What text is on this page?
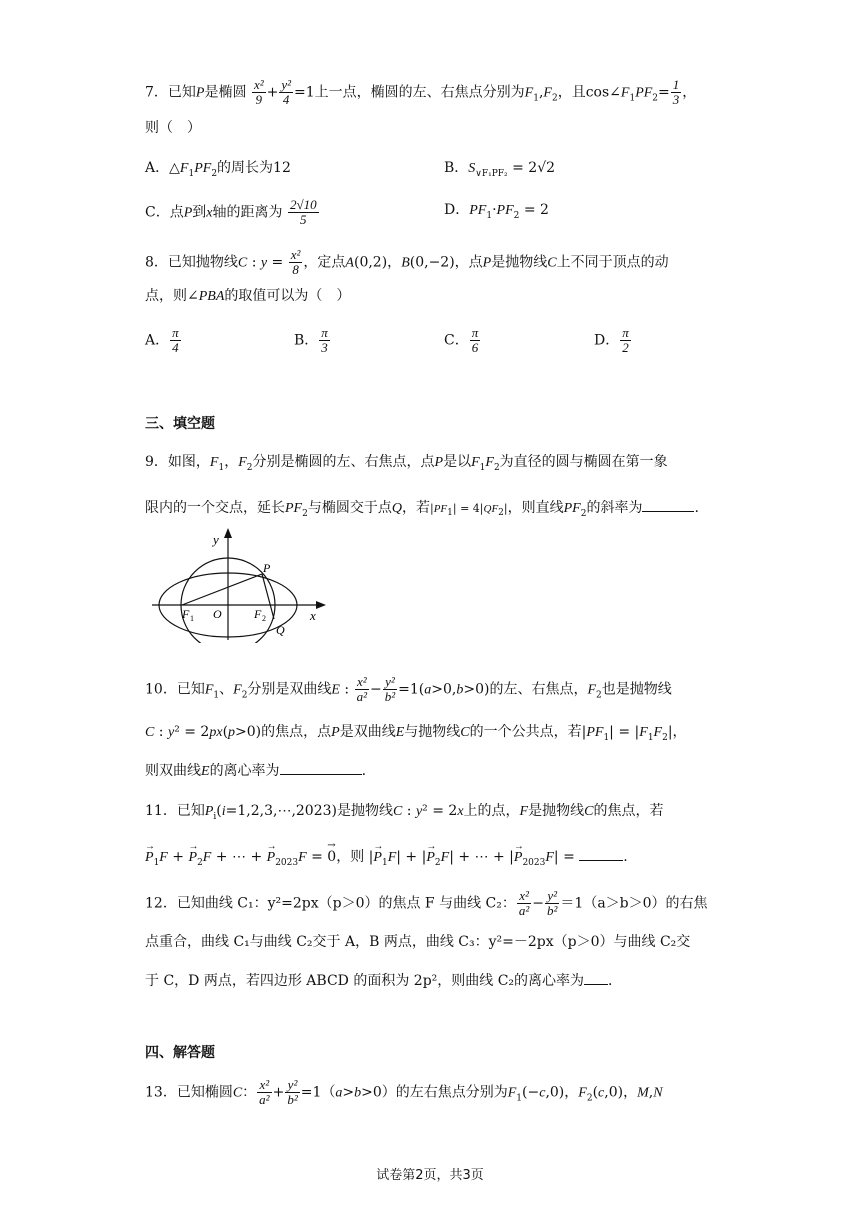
7．已知P是椭圆 $\frac{\text{x²}}{9} + \frac{\text{y²}}{4} =1$上一点，椭圆的左、右焦点分别为$F_1,F_2$，且$\cos\angle F_1PF_2= \frac{1}{3}$ ，
则（　）
A．$\triangle F_1PF_2$的周长为12	B．$S_{\vee F_1PF_2} = 2√2$
C．点P到x轴的距离为 $\frac{2√10}{5}$	D．$PF_1\cdot PF_2 = 2$
8．已知抛物线C : $y = \frac{\text{x²}}{8}$ ，定点A(0,2)，B(0,−2)，点P是抛物线C上不同于顶点的动
点，则∠PBA的取值可以为（　）
A． $\frac{\pi}{4}$	B． $\frac{\pi}{3}$	C． $\frac{\pi}{6}$	D． $\frac{\pi}{2}$
三、填空题
9．如图，$F_1$，$F_2$分别是椭圆的左、右焦点，点P是以$F_1F_2$为直径的圆与椭圆在第一象
限内的一个交点，延长$PF_2$与椭圆交于点Q，若$|PF_1| = 4|QF_2|$，则直线$PF_2$的斜率为	.
y
x
P
F 1 O	F 2
Q
10．已知$F_1$、$F_2$分别是双曲线E : $\frac{\text{x²}}{\text{a²}} - \frac{\text{y²}}{\text{b²}} =1(a>0,b>0)$的左、右焦点，$F_2$也是抛物线
C : y² = 2px(p>0)的焦点，点P是双曲线E与抛物线C的一个公共点，若$|PF_1| = |F_1F_2|$，
则双曲线E的离心率为	.
11．已知$P_i(i=1,2,3,\cdots,2023)$是抛物线C : y² = 2x上的点，F是抛物线C的焦点，若
→ $P_1F$ + → $P_2F$ + ⋯ + → $P_{2023}F$ = → 0，则 |→ $P_1F|$ + |→ $P_2F|$ + ⋯ + |→ $P_{2023}F|$ =	.
12．已知曲线 C₁：y²=2px（p＞0）的焦点 F 与曲线 C₂： $\frac{\text{x²}}{\text{a²}} - \frac{\text{y²}}{\text{b²}} =1(a>b>0)$的右焦
点重合，曲线 C₁与曲线 C₂交于 A，B 两点，曲线 C₃：y²=－2px（p＞0）与曲线 C₂交
于 C，D 两点，若四边形 ABCD 的面积为 2p²，则曲线 C₂的离心率为 ．
四、解答题
13．已知椭圆C： $\frac{\text{x²}}{\text{a²}} + \frac{\text{y²}}{\text{b²}} =1(a>b>0)$的左右焦点分别为$F_1(-c,0)$，$F_2(c,0)$，M,N
试卷第2页，共3页
